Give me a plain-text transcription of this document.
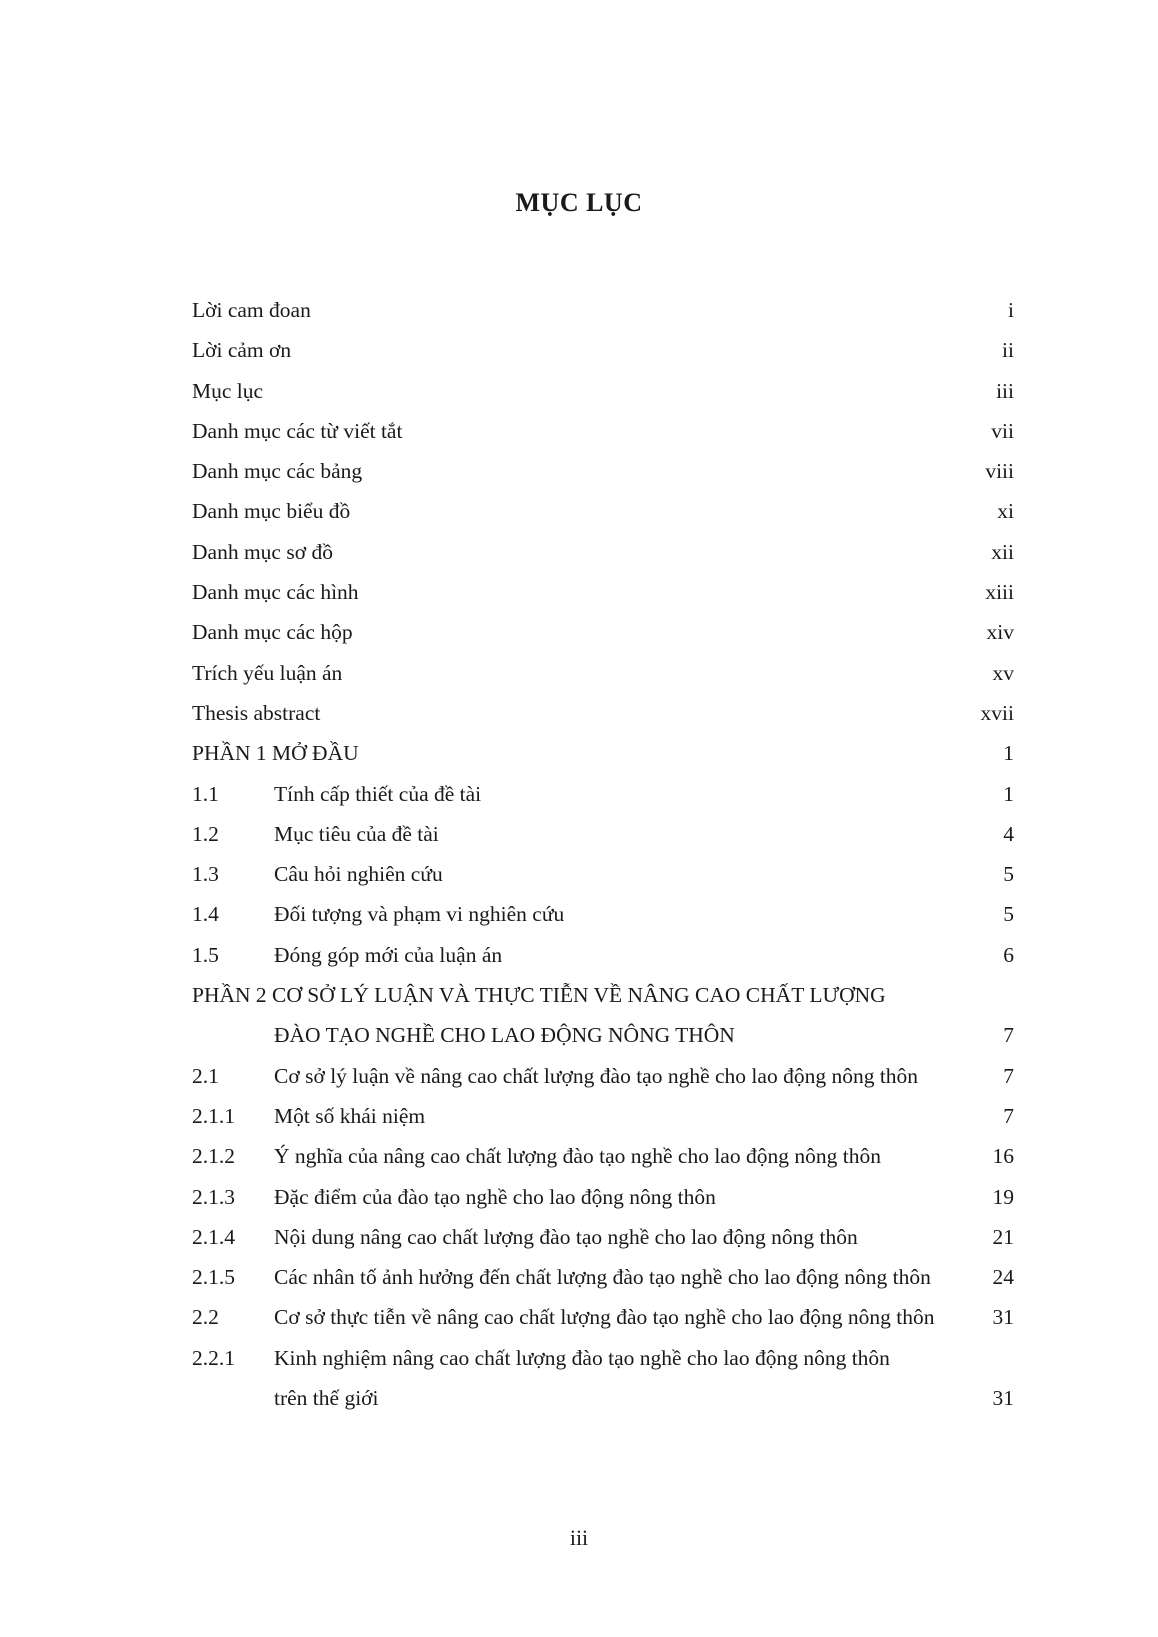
MỤC LỤC
Lời cam đoan	i
Lời cảm ơn	ii
Mục lục	iii
Danh mục các từ viết tắt	vii
Danh mục các bảng	viii
Danh mục biểu đồ	xi
Danh mục sơ đồ	xii
Danh mục các hình	xiii
Danh mục các hộp	xiv
Trích yếu luận án	xv
Thesis abstract	xvii
PHẦN 1 MỞ ĐẦU	1
1.1	Tính cấp thiết của đề tài	1
1.2	Mục tiêu của đề tài	4
1.3	Câu hỏi nghiên cứu	5
1.4	Đối tượng và phạm vi nghiên cứu	5
1.5	Đóng góp mới của luận án	6
PHẦN 2 CƠ SỞ LÝ LUẬN VÀ THỰC TIỄN VỀ NÂNG CAO CHẤT LƯỢNG
ĐÀO TẠO NGHỀ CHO LAO ĐỘNG NÔNG THÔN	7
2.1	Cơ sở lý luận về nâng cao chất lượng đào tạo nghề cho lao động nông thôn	7
2.1.1 Một số khái niệm	7
2.1.2 Ý nghĩa của nâng cao chất lượng đào tạo nghề cho lao động nông thôn	16
2.1.3 Đặc điểm của đào tạo nghề cho lao động nông thôn	19
2.1.4 Nội dung nâng cao chất lượng đào tạo nghề cho lao động nông thôn	21
2.1.5 Các nhân tố ảnh hưởng đến chất lượng đào tạo nghề cho lao động nông thôn	24
2.2	Cơ sở thực tiễn về nâng cao chất lượng đào tạo nghề cho lao động nông thôn	31
2.2.1 Kinh nghiệm nâng cao chất lượng đào tạo nghề cho lao động nông thôn
trên thế giới	31
iii
